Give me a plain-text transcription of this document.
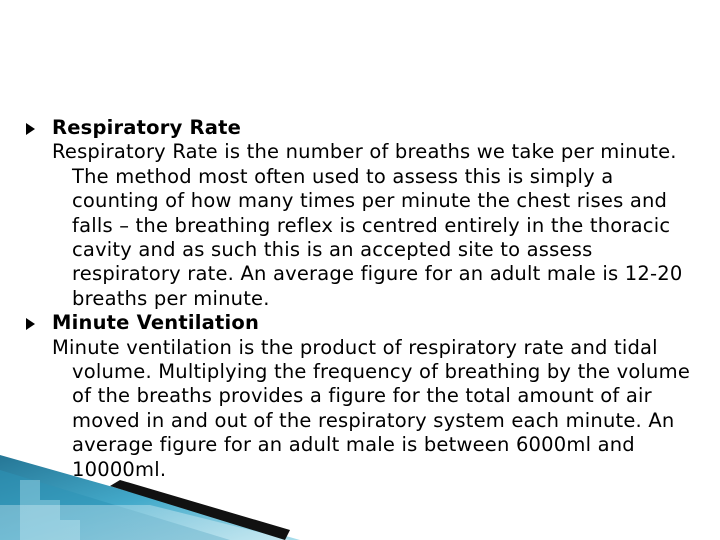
Respiratory Rate

Respiratory Rate is the number of breaths we take per minute. The method most often used to assess this is simply a counting of how many times per minute the chest rises and falls – the breathing reflex is centred entirely in the thoracic cavity and as such this is an accepted site to assess respiratory rate. An average figure for an adult male is 12-20 breaths per minute.

Minute Ventilation

Minute ventilation is the product of respiratory rate and tidal volume. Multiplying the frequency of breathing by the volume of the breaths provides a figure for the total amount of air moved in and out of the respiratory system each minute. An average figure for an adult male is between 6000ml and 10000ml.
